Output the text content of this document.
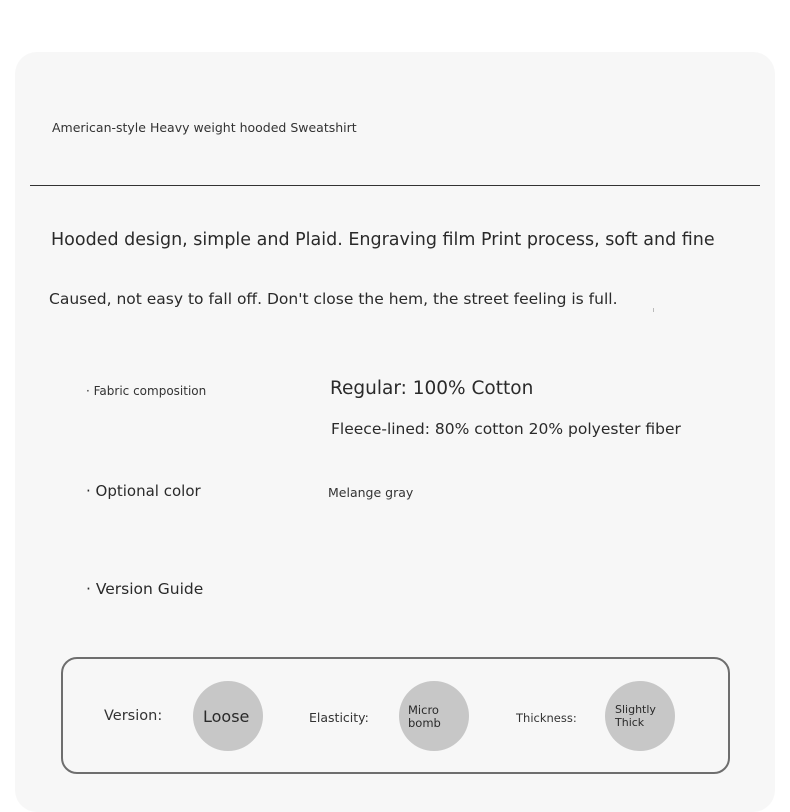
American-style Heavy weight hooded Sweatshirt
Hooded design, simple and Plaid. Engraving film Print process, soft and fine
Caused, not easy to fall off. Don't close the hem, the street feeling is full.
· Fabric composition	Regular: 100% Cotton
Fleece-lined: 80% cotton 20% polyester fiber
· Optional color	Melange gray
· Version Guide
Version:	Loose	Elasticity:	Micro bomb	Thickness:
Slightly Thick
